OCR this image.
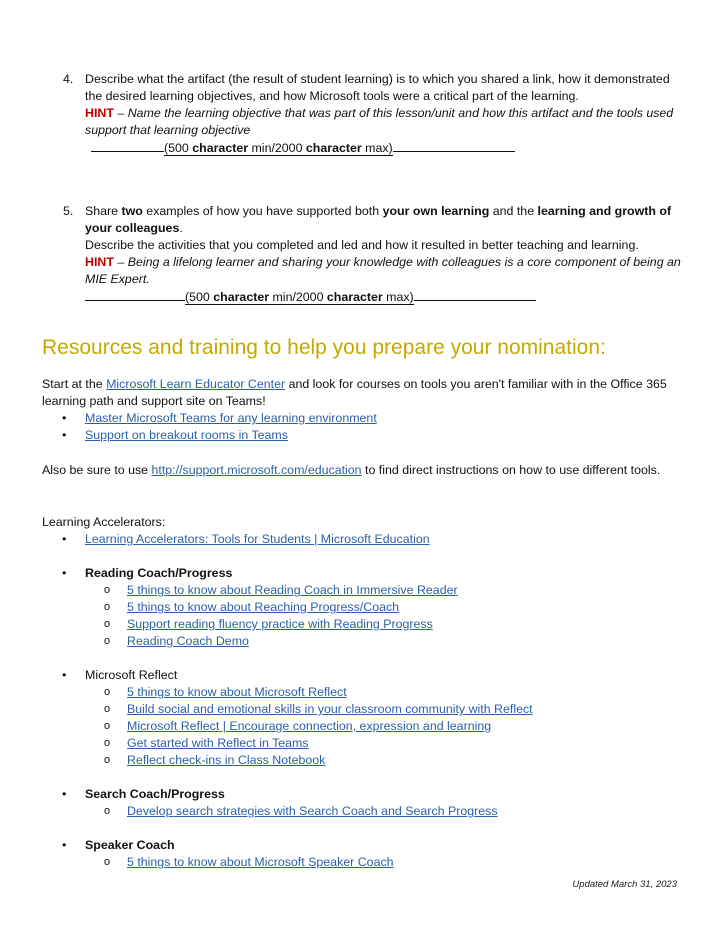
4. Describe what the artifact (the result of student learning) is to which you shared a link, how it demonstrated the desired learning objectives, and how Microsoft tools were a critical part of the learning.
HINT – Name the learning objective that was part of this lesson/unit and how this artifact and the tools used support that learning objective
(500 character min/2000 character max)
5. Share two examples of how you have supported both your own learning and the learning and growth of your colleagues.
Describe the activities that you completed and led and how it resulted in better teaching and learning.
HINT – Being a lifelong learner and sharing your knowledge with colleagues is a core component of being an MIE Expert.
(500 character min/2000 character max)
Resources and training to help you prepare your nomination:
Start at the Microsoft Learn Educator Center and look for courses on tools you aren't familiar with in the Office 365 learning path and support site on Teams!
• Master Microsoft Teams for any learning environment
• Support on breakout rooms in Teams
Also be sure to use http://support.microsoft.com/education to find direct instructions on how to use different tools.
Learning Accelerators:
• Learning Accelerators: Tools for Students | Microsoft Education
• Reading Coach/Progress
o 5 things to know about Reading Coach in Immersive Reader
o 5 things to know about Reaching Progress/Coach
o Support reading fluency practice with Reading Progress
o Reading Coach Demo
• Microsoft Reflect
o 5 things to know about Microsoft Reflect
o Build social and emotional skills in your classroom community with Reflect
o Microsoft Reflect | Encourage connection, expression and learning
o Get started with Reflect in Teams
o Reflect check-ins in Class Notebook
• Search Coach/Progress
o Develop search strategies with Search Coach and Search Progress
• Speaker Coach
o 5 things to know about Microsoft Speaker Coach
Updated March 31, 2023
